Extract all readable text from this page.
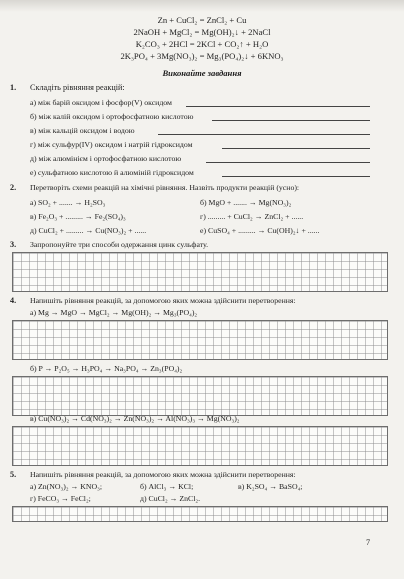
Zn + CuCl₂ = ZnCl₂ + Cu
2NaOH + MgCl₂ = Mg(OH)₂↓ + 2NaCl
K₂CO₃ + 2HCl = 2KCl + CO₂↑ + H₂O
2K₃PO₄ + 3Mg(NO₃)₂ = Mg₃(PO₄)₂↓ + 6KNO₃
Виконайте завдання
1. Складіть рівняння реакцій:
а) між барій оксидом і фосфор(V) оксидом
б) між калій оксидом і ортофосфатною кислотою
в) між кальцій оксидом і водою
г) між сульфур(IV) оксидом і натрій гідроксидом
д) між алюмінієм і ортофосфатною кислотою
е) сульфатною кислотою й алюміній гідроксидом
2. Перетворіть схеми реакцій на хімічні рівняння. Назвіть продукти реакцій (усно):
а) SO₂ + ....... → H₂SO₃	б) MgO + ....... → Mg(NO₃)₂
в) Fe₂O₃ + ......... → Fe₂(SO₄)₃	г) ......... + CuCl₂ → ZnCl₂ + ......
д) CuCl₂ + ......... → Cu(NO₃)₂ + ......	е) CuSO₄ + ......... → Cu(OH)₂↓ + ......
3. Запропонуйте три способи одержання цинк сульфату.
4. Напишіть рівняння реакцій, за допомогою яких можна здійснити перетворення:
а) Mg → MgO → MgCl₂ → Mg(OH)₂ → Mg₃(PO₄)₂
б) P → P₂O₅ → H₃PO₄ → Na₃PO₄ → Zn₃(PO₄)₂
в) Cu(NO₃)₂ → Cd(NO₃)₂ → Zn(NO₃)₂ → Al(NO₃)₃ → Mg(NO₃)₂
5. Напишіть рівняння реакцій, за допомогою яких можна здійснити перетворення:
а) Zn(NO₃)₂ → KNO₃;	б) AlCl₃ → KCl;	в) K₂SO₄ → BaSO₄;
г) FeCO₃ → FeCl₂;	д) CuCl₂ → ZnCl₂.
7
